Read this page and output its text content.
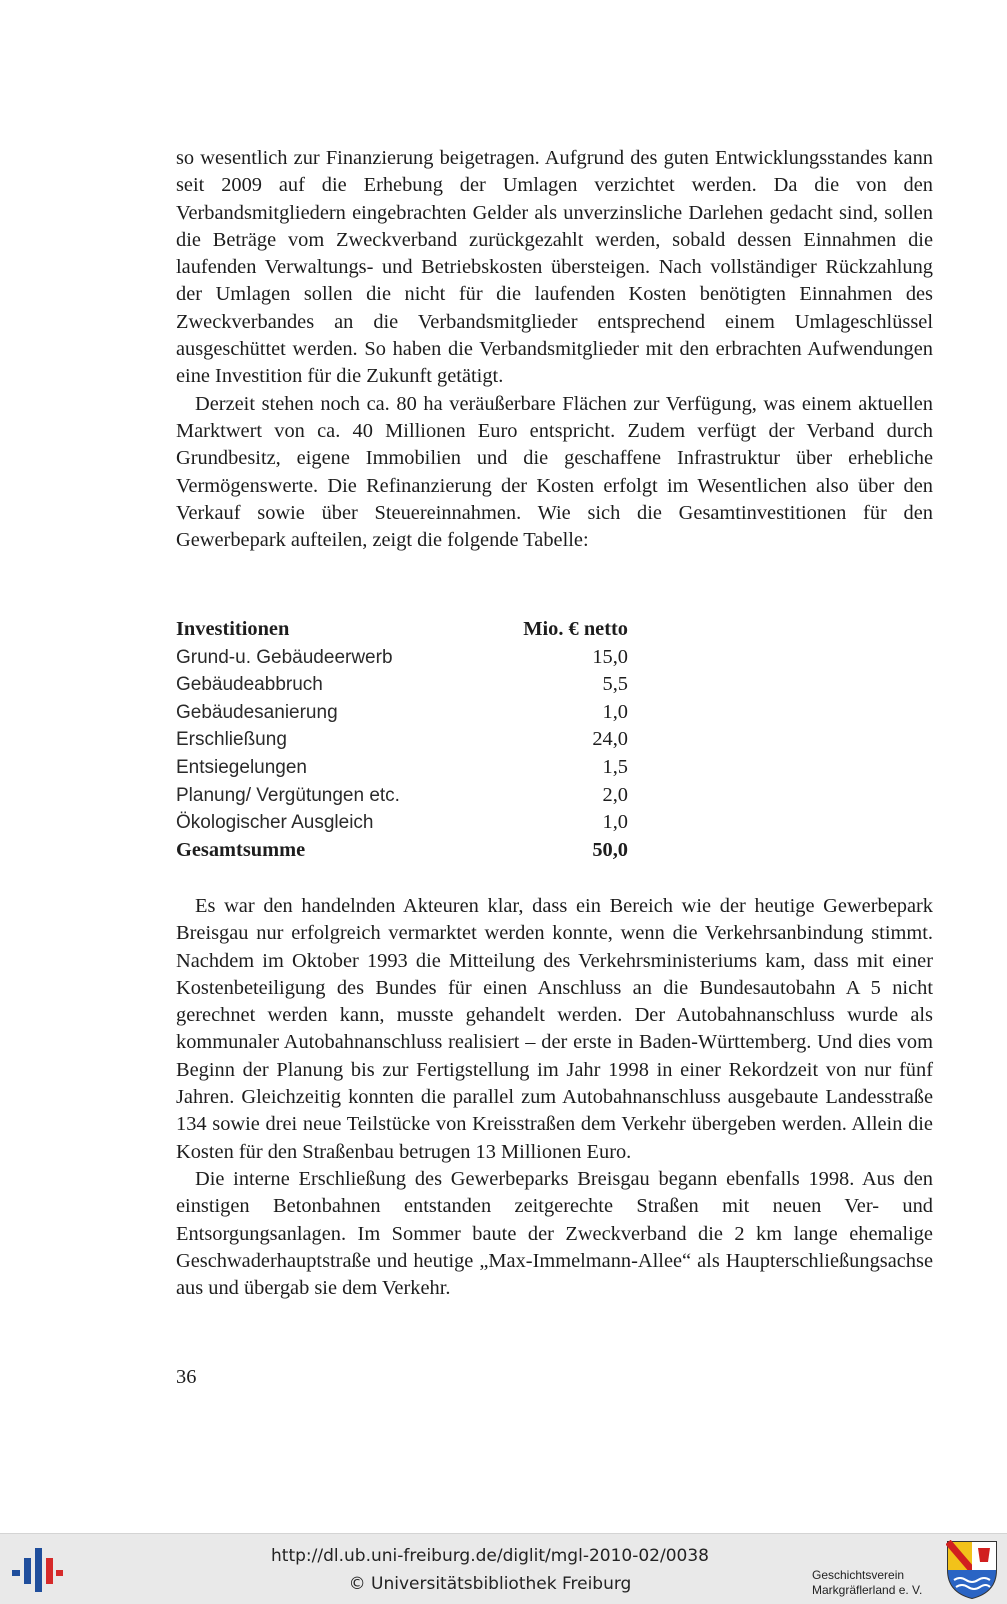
so wesentlich zur Finanzierung beigetragen. Aufgrund des guten Entwicklungsstandes kann seit 2009 auf die Erhebung der Umlagen verzichtet werden. Da die von den Verbandsmitgliedern eingebrachten Gelder als unverzinsliche Darlehen gedacht sind, sollen die Beträge vom Zweckverband zurückgezahlt werden, sobald dessen Einnahmen die laufenden Verwaltungs- und Betriebskosten übersteigen. Nach vollständiger Rückzahlung der Umlagen sollen die nicht für die laufenden Kosten benötigten Einnahmen des Zweckverbandes an die Verbandsmitglieder entsprechend einem Umlageschlüssel ausgeschüttet werden. So haben die Verbandsmitglieder mit den erbrachten Aufwendungen eine Investition für die Zukunft getätigt.

Derzeit stehen noch ca. 80 ha veräußerbare Flächen zur Verfügung, was einem aktuellen Marktwert von ca. 40 Millionen Euro entspricht. Zudem verfügt der Verband durch Grundbesitz, eigene Immobilien und die geschaffene Infrastruktur über erhebliche Vermögenswerte. Die Refinanzierung der Kosten erfolgt im Wesentlichen also über den Verkauf sowie über Steuereinnahmen. Wie sich die Gesamtinvestitionen für den Gewerbepark aufteilen, zeigt die folgende Tabelle:

Investitionen	Mio. € netto
Grund-u. Gebäudeerwerb	15,0
Gebäudeabbruch	5,5
Gebäudesanierung	1,0
Erschließung	24,0
Entsiegelungen	1,5
Planung/ Vergütungen etc.	2,0
Ökologischer Ausgleich	1,0
Gesamtsumme	50,0

Es war den handelnden Akteuren klar, dass ein Bereich wie der heutige Gewerbepark Breisgau nur erfolgreich vermarktet werden konnte, wenn die Verkehrsanbindung stimmt. Nachdem im Oktober 1993 die Mitteilung des Verkehrsministeriums kam, dass mit einer Kostenbeteiligung des Bundes für einen Anschluss an die Bundesautobahn A 5 nicht gerechnet werden kann, musste gehandelt werden. Der Autobahnanschluss wurde als kommunaler Autobahnanschluss realisiert – der erste in Baden-Württemberg. Und dies vom Beginn der Planung bis zur Fertigstellung im Jahr 1998 in einer Rekordzeit von nur fünf Jahren. Gleichzeitig konnten die parallel zum Autobahnanschluss ausgebaute Landesstraße 134 sowie drei neue Teilstücke von Kreisstraßen dem Verkehr übergeben werden. Allein die Kosten für den Straßenbau betrugen 13 Millionen Euro.

Die interne Erschließung des Gewerbeparks Breisgau begann ebenfalls 1998. Aus den einstigen Betonbahnen entstanden zeitgerechte Straßen mit neuen Ver- und Entsorgungsanlagen. Im Sommer baute der Zweckverband die 2 km lange ehemalige Geschwaderhauptstraße und heutige „Max-Immelmann-Allee“ als Haupterschließungsachse aus und übergab sie dem Verkehr.

36
http://dl.ub.uni-freiburg.de/diglit/mgl-2010-02/0038
© Universitätsbibliothek Freiburg	Geschichtsverein
Markgräflerland e. V.
